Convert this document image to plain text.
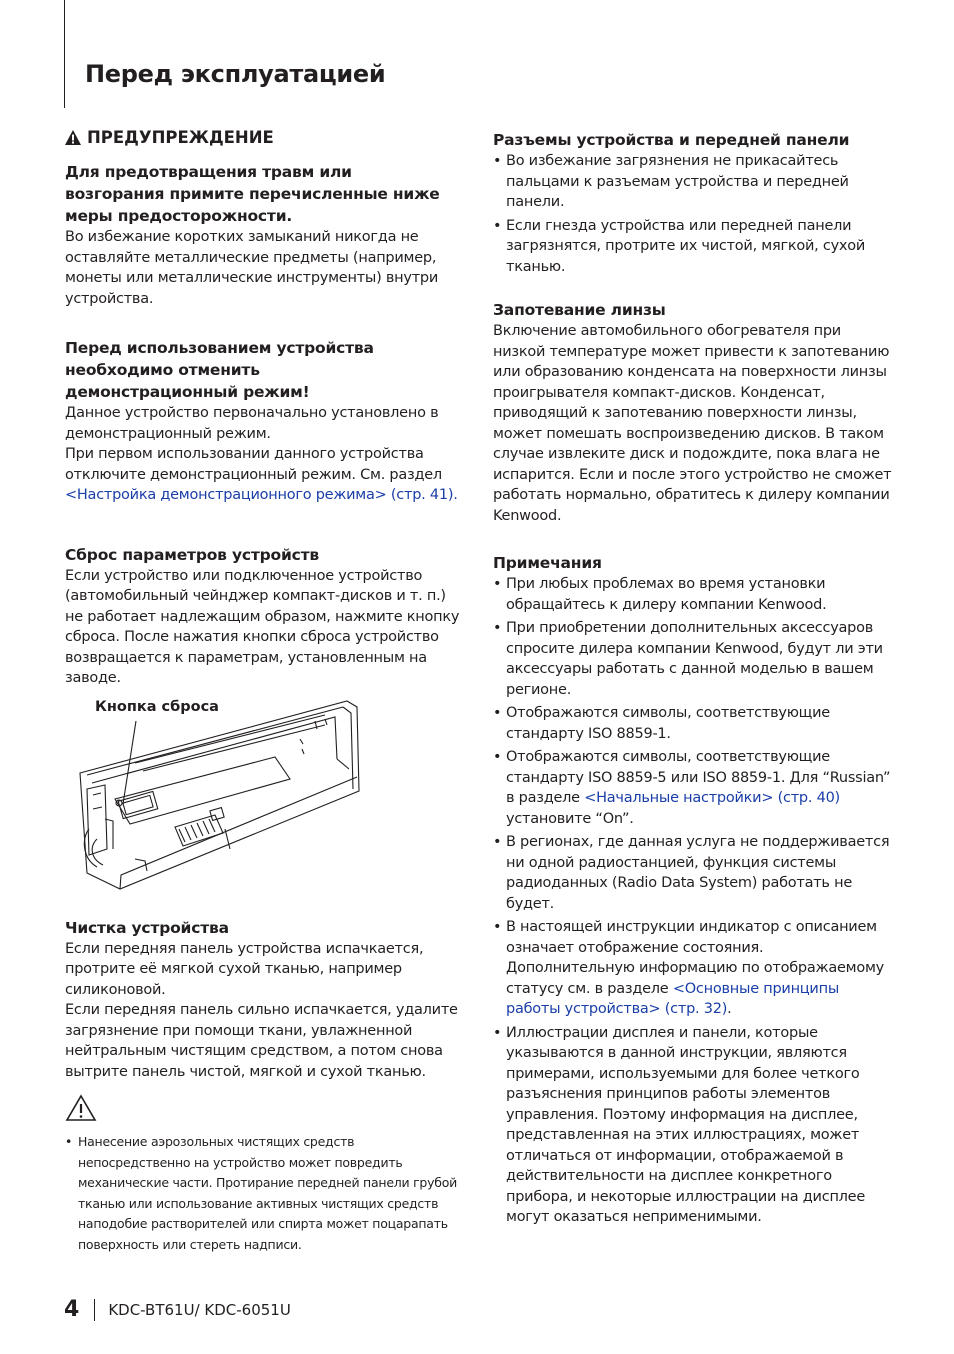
Перед эксплуатацией
ПРЕДУПРЕЖДЕНИЕ
Для предотвращения травм или возгорания примите перечисленные ниже меры предосторожности.

Во избежание коротких замыканий никогда не оставляйте металлические предметы (например, монеты или металлические инструменты) внутри устройства.

Перед использованием устройства необходимо отменить демонстрационный режим!

Данное устройство первоначально установлено в демонстрационный режим.

При первом использовании данного устройства отключите демонстрационный режим. См. раздел <Настройка демонстрационного режима> (стр. 41).

Сброс параметров устройств

Если устройство или подключенное устройство (автомобильный чейнджер компакт-дисков и т. п.) не работает надлежащим образом, нажмите кнопку сброса. После нажатия кнопки сброса устройство возвращается к параметрам, установленным на заводе.

Кнопка сброса
Чистка устройства

Если передняя панель устройства испачкается, протрите её мягкой сухой тканью, например силиконовой.

Если передняя панель сильно испачкается, удалите загрязнение при помощи ткани, увлажненной нейтральным чистящим средством, а потом снова вытрите панель чистой, мягкой и сухой тканью.

• Нанесение аэрозольных чистящих средств непосредственно на устройство может повредить механические части. Протирание передней панели грубой тканью или использование активных чистящих средств наподобие растворителей или спирта может поцарапать поверхность или стереть надписи.
Разъемы устройства и передней панели
• Во избежание загрязнения не прикасайтесь пальцами к разъемам устройства и передней панели.
• Если гнезда устройства или передней панели загрязнятся, протрите их чистой, мягкой, сухой тканью.
Запотевание линзы

Включение автомобильного обогревателя при низкой температуре может привести к запотеванию или образованию конденсата на поверхности линзы проигрывателя компакт-дисков. Конденсат, приводящий к запотеванию поверхности линзы, может помешать воспроизведению дисков. В таком случае извлеките диск и подождите, пока влага не испарится. Если и после этого устройство не сможет работать нормально, обратитесь к дилеру компании Kenwood.

Примечания
• При любых проблемах во время установки обращайтесь к дилеру компании Kenwood.
• При приобретении дополнительных аксессуаров спросите дилера компании Kenwood, будут ли эти аксессуары работать с данной моделью в вашем регионе.
• Отображаются символы, соответствующие стандарту ISO 8859-1.
• Отображаются символы, соответствующие стандарту ISO 8859-5 или ISO 8859-1. Для “Russian” в разделе <Начальные настройки> (стр. 40) установите “On”.
• В регионах, где данная услуга не поддерживается ни одной радиостанцией, функция системы радиоданных (Radio Data System) работать не будет.
• В настоящей инструкции индикатор с описанием означает отображение состояния. Дополнительную информацию по отображаемому статусу см. в разделе <Основные принципы работы устройства> (стр. 32).
• Иллюстрации дисплея и панели, которые указываются в данной инструкции, являются примерами, используемыми для более четкого разъяснения принципов работы элементов управления. Поэтому информация на дисплее, представленная на этих иллюстрациях, может отличаться от информации, отображаемой в действительности на дисплее конкретного прибора, и некоторые иллюстрации на дисплее могут оказаться неприменимыми.
4 KDC-BT61U/ KDC-6051U
